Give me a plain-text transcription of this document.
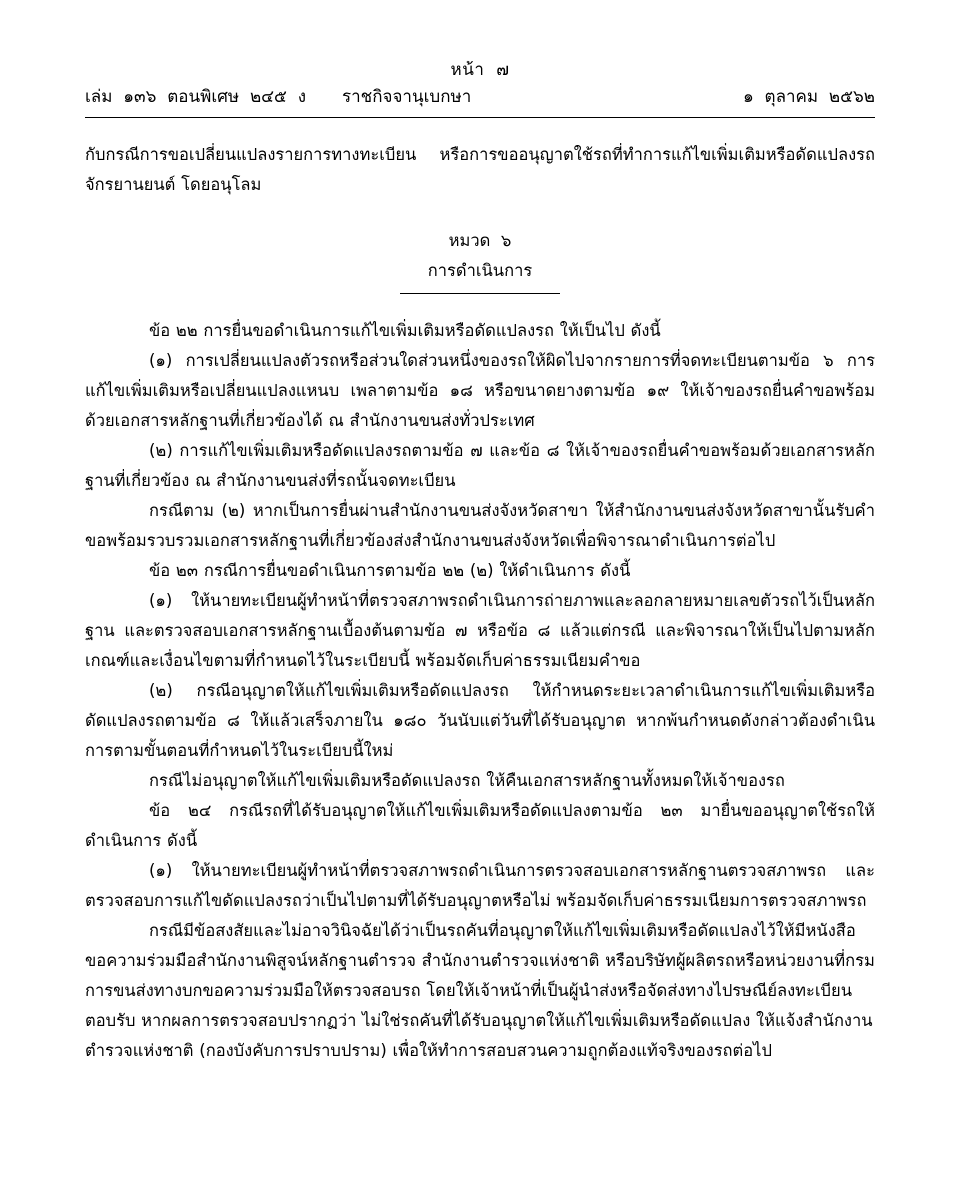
หน้า  ๗
เล่ม  ๑๓๖  ตอนพิเศษ  ๒๔๕  ง	ราชกิจจานุเบกษา	๑  ตุลาคม  ๒๕๖๒

กับกรณีการขอเปลี่ยนแปลงรายการทางทะเบียน หรือการขออนุญาตใช้รถที่ทำการแก้ไขเพิ่มเติมหรือดัดแปลงรถจักรยานยนต์ โดยอนุโลม

หมวด  ๖
การดำเนินการ

ข้อ ๒๒ การยื่นขอดำเนินการแก้ไขเพิ่มเติมหรือดัดแปลงรถ ให้เป็นไป ดังนี้

(๑) การเปลี่ยนแปลงตัวรถหรือส่วนใดส่วนหนึ่งของรถให้ผิดไปจากรายการที่จดทะเบียนตามข้อ ๖ การแก้ไขเพิ่มเติมหรือเปลี่ยนแปลงแหนบ เพลาตามข้อ ๑๘ หรือขนาดยางตามข้อ ๑๙ ให้เจ้าของรถยื่นคำขอพร้อมด้วยเอกสารหลักฐานที่เกี่ยวข้องได้ ณ สำนักงานขนส่งทั่วประเทศ

(๒) การแก้ไขเพิ่มเติมหรือดัดแปลงรถตามข้อ ๗ และข้อ ๘ ให้เจ้าของรถยื่นคำขอพร้อมด้วยเอกสารหลักฐานที่เกี่ยวข้อง ณ สำนักงานขนส่งที่รถนั้นจดทะเบียน

กรณีตาม (๒) หากเป็นการยื่นผ่านสำนักงานขนส่งจังหวัดสาขา ให้สำนักงานขนส่งจังหวัดสาขานั้นรับคำขอพร้อมรวบรวมเอกสารหลักฐานที่เกี่ยวข้องส่งสำนักงานขนส่งจังหวัดเพื่อพิจารณาดำเนินการต่อไป

ข้อ ๒๓ กรณีการยื่นขอดำเนินการตามข้อ ๒๒ (๒) ให้ดำเนินการ ดังนี้

(๑) ให้นายทะเบียนผู้ทำหน้าที่ตรวจสภาพรถดำเนินการถ่ายภาพและลอกลายหมายเลขตัวรถไว้เป็นหลักฐาน และตรวจสอบเอกสารหลักฐานเบื้องต้นตามข้อ ๗ หรือข้อ ๘ แล้วแต่กรณี และพิจารณาให้เป็นไปตามหลักเกณฑ์และเงื่อนไขตามที่กำหนดไว้ในระเบียบนี้ พร้อมจัดเก็บค่าธรรมเนียมคำขอ

(๒) กรณีอนุญาตให้แก้ไขเพิ่มเติมหรือดัดแปลงรถ ให้กำหนดระยะเวลาดำเนินการแก้ไขเพิ่มเติมหรือดัดแปลงรถตามข้อ ๘ ให้แล้วเสร็จภายใน ๑๘๐ วันนับแต่วันที่ได้รับอนุญาต หากพ้นกำหนดดังกล่าวต้องดำเนินการตามขั้นตอนที่กำหนดไว้ในระเบียบนี้ใหม่

กรณีไม่อนุญาตให้แก้ไขเพิ่มเติมหรือดัดแปลงรถ ให้คืนเอกสารหลักฐานทั้งหมดให้เจ้าของรถ

ข้อ ๒๔ กรณีรถที่ได้รับอนุญาตให้แก้ไขเพิ่มเติมหรือดัดแปลงตามข้อ ๒๓ มายื่นขออนุญาตใช้รถให้ดำเนินการ ดังนี้

(๑) ให้นายทะเบียนผู้ทำหน้าที่ตรวจสภาพรถดำเนินการตรวจสอบเอกสารหลักฐานตรวจสภาพรถ และตรวจสอบการแก้ไขดัดแปลงรถว่าเป็นไปตามที่ได้รับอนุญาตหรือไม่ พร้อมจัดเก็บค่าธรรมเนียมการตรวจสภาพรถ

กรณีมีข้อสงสัยและไม่อาจวินิจฉัยได้ว่าเป็นรถคันที่อนุญาตให้แก้ไขเพิ่มเติมหรือดัดแปลงไว้ให้มีหนังสือขอความร่วมมือสำนักงานพิสูจน์หลักฐานตำรวจ สำนักงานตำรวจแห่งชาติ หรือบริษัทผู้ผลิตรถหรือหน่วยงานที่กรมการขนส่งทางบกขอความร่วมมือให้ตรวจสอบรถ โดยให้เจ้าหน้าที่เป็นผู้นำส่งหรือจัดส่งทางไปรษณีย์ลงทะเบียนตอบรับ หากผลการตรวจสอบปรากฏว่า ไม่ใช่รถคันที่ได้รับอนุญาตให้แก้ไขเพิ่มเติมหรือดัดแปลง ให้แจ้งสำนักงานตำรวจแห่งชาติ (กองบังคับการปราบปราม) เพื่อให้ทำการสอบสวนความถูกต้องแท้จริงของรถต่อไป
